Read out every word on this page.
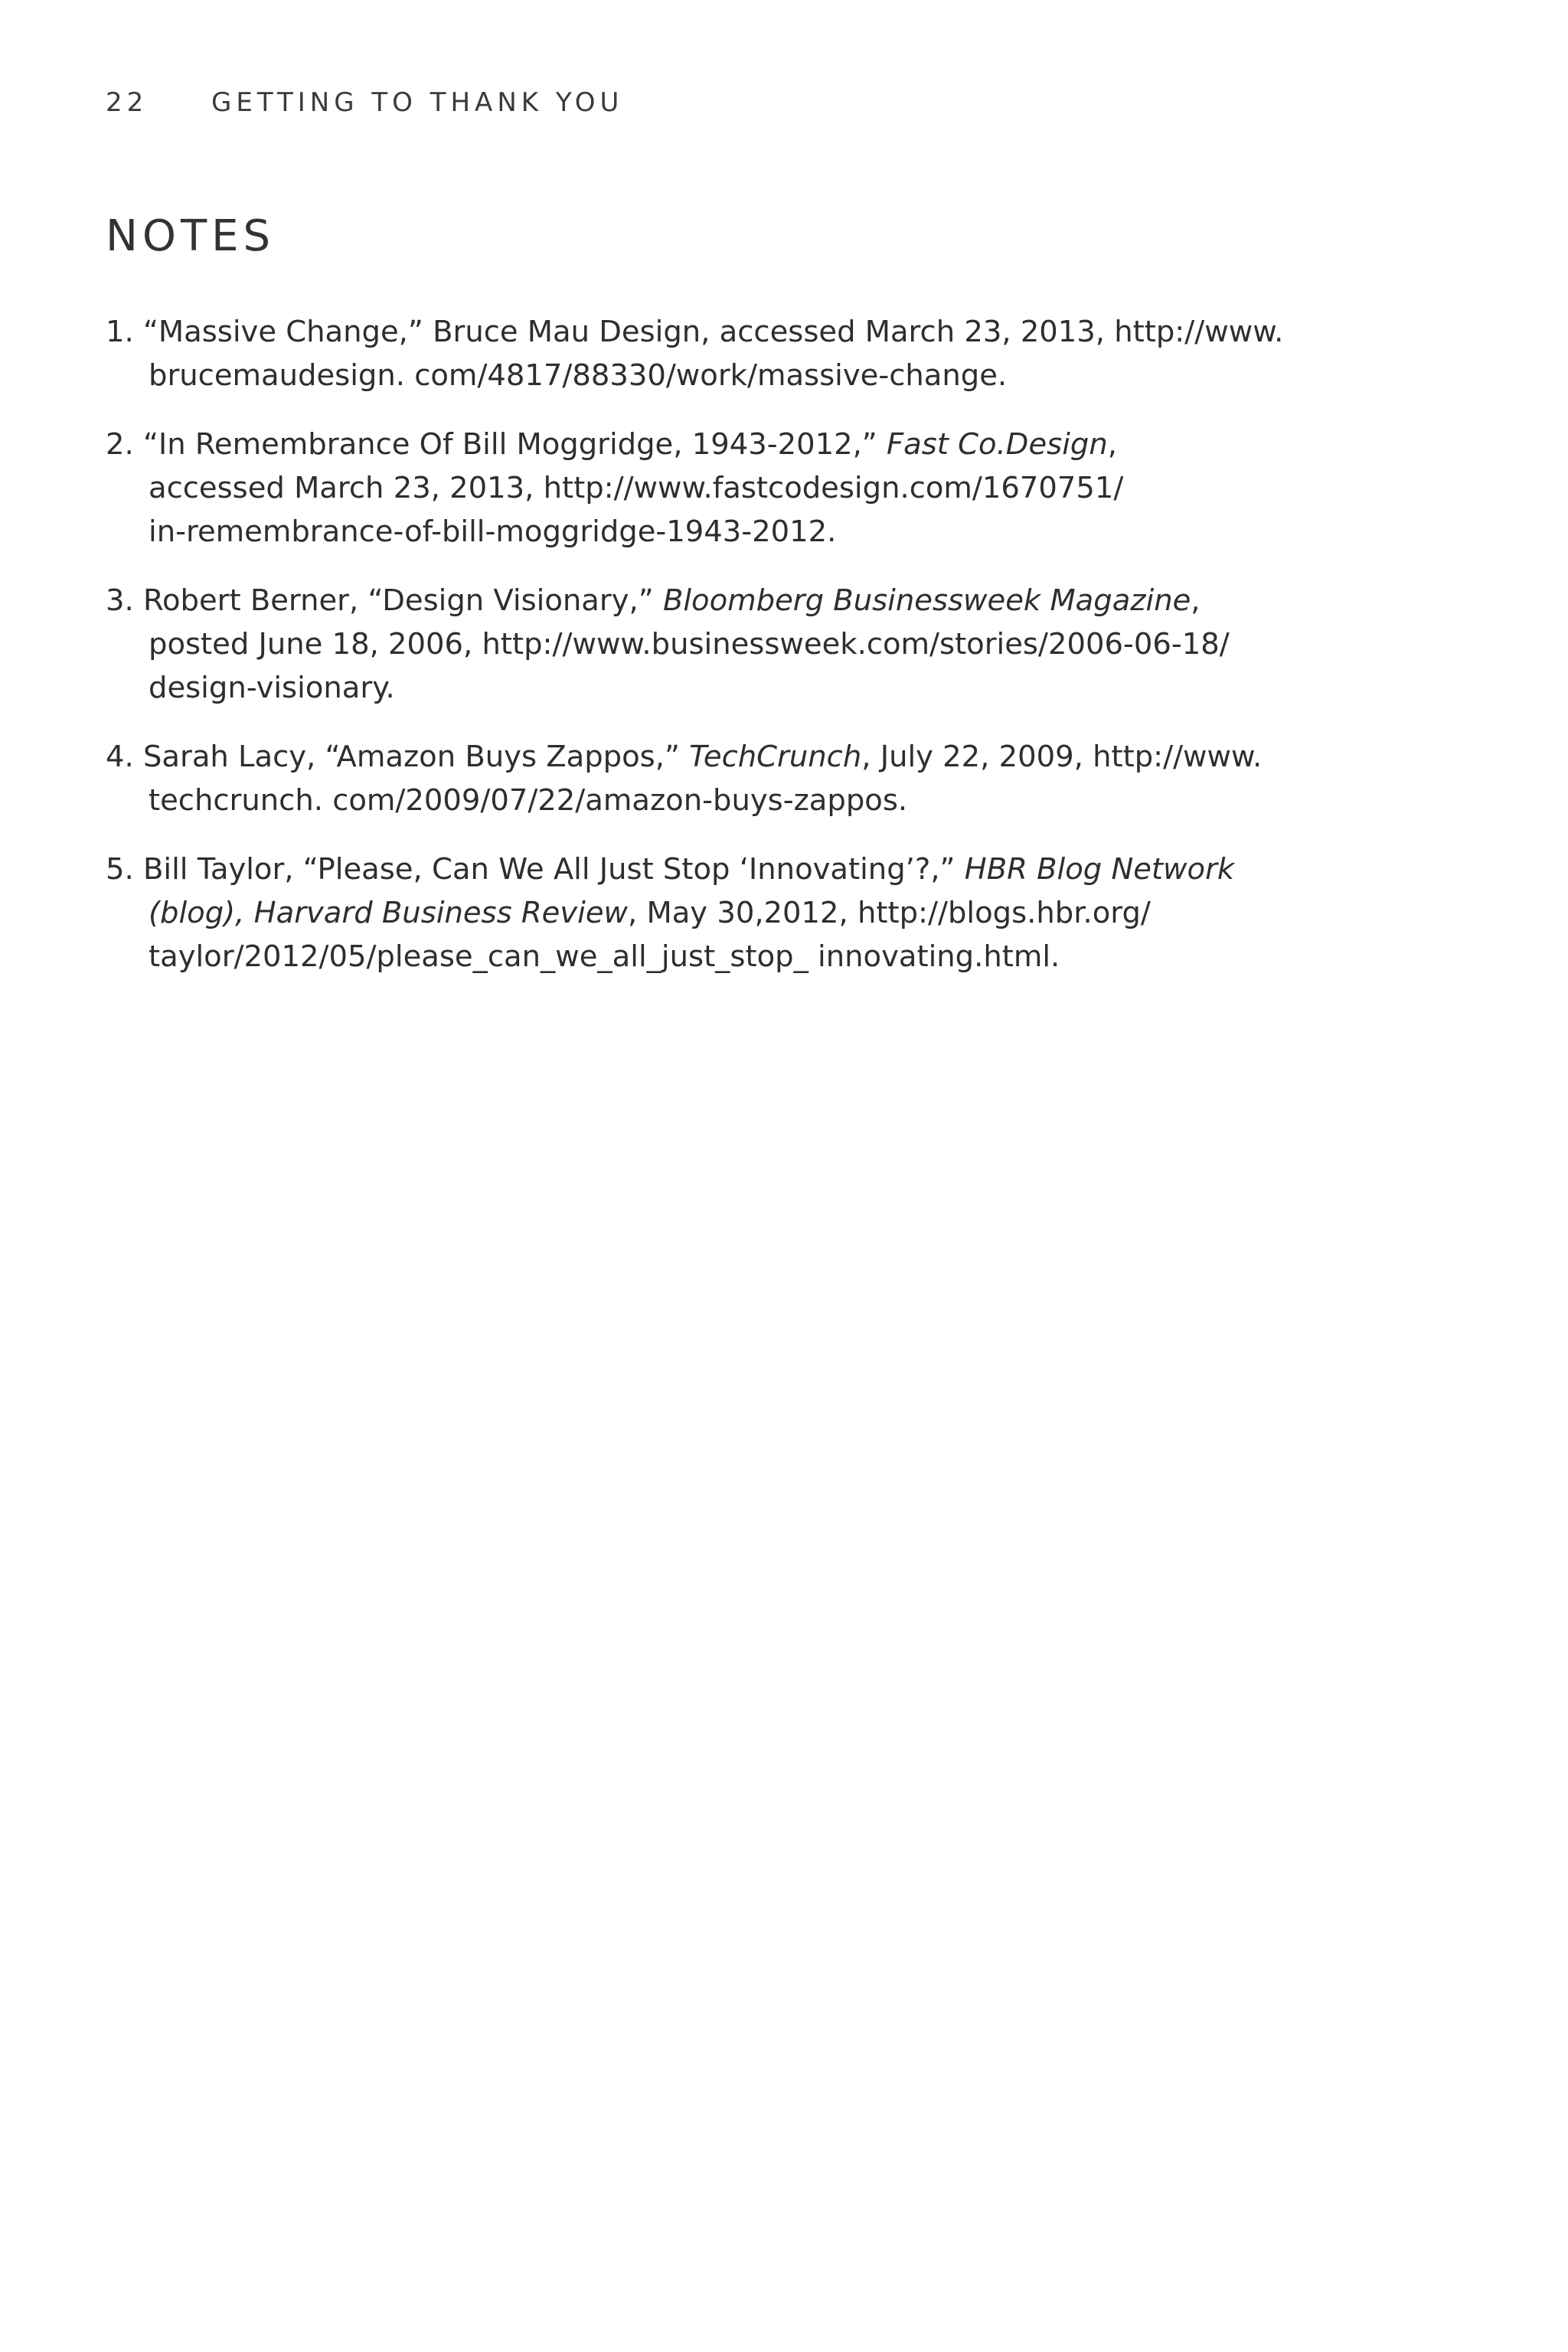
22 GETTING TO THANK YOU
NOTES
1. “Massive Change,” Bruce Mau Design, accessed March 23, 2013, http://www.
brucemaudesign. com/4817/88330/work/massive-change.
2. “In Remembrance Of Bill Moggridge, 1943-2012,” Fast Co.Design,
accessed March 23, 2013, http://www.fastcodesign.com/1670751/
in-remembrance-of-bill-moggridge-1943-2012.
3. Robert Berner, “Design Visionary,” Bloomberg Businessweek Magazine,
posted June 18, 2006, http://www.businessweek.com/stories/2006-06-18/
design-visionary.
4. Sarah Lacy, “Amazon Buys Zappos,” TechCrunch, July 22, 2009, http://www.
techcrunch. com/2009/07/22/amazon-buys-zappos.
5. Bill Taylor, “Please, Can We All Just Stop ‘Innovating’?,” HBR Blog Network
(blog), Harvard Business Review, May 30,2012, http://blogs.hbr.org/
taylor/2012/05/please_can_we_all_just_stop_ innovating.html.
